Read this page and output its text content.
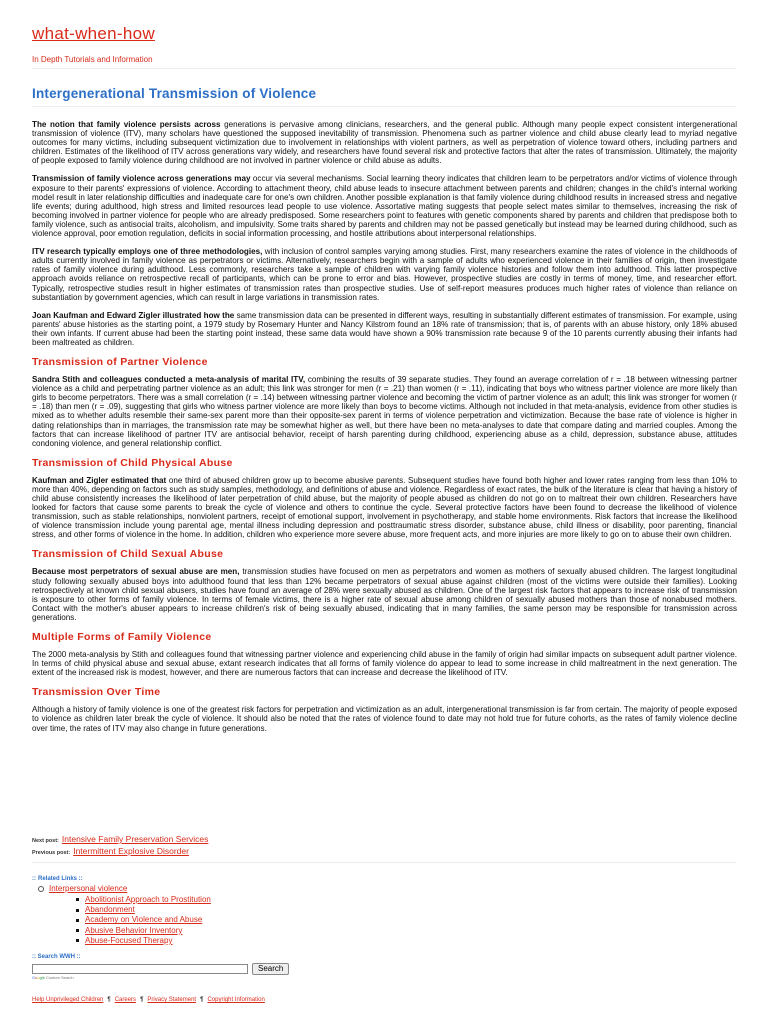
what-when-how
In Depth Tutorials and Information
Intergenerational Transmission of Violence

The notion that family violence persists across generations is pervasive among clinicians, researchers, and the general public. Although many people expect consistent intergenerational transmission of violence (ITV), many scholars have questioned the supposed inevitability of transmission. Phenomena such as partner violence and child abuse clearly lead to myriad negative outcomes for many victims, including subsequent victimization due to involvement in relationships with violent partners, as well as perpetration of violence toward others, including partners and children. Estimates of the likelihood of ITV across generations vary widely, and researchers have found several risk and protective factors that alter the rates of transmission. Ultimately, the majority of people exposed to family violence during childhood are not involved in partner violence or child abuse as adults.

Transmission of family violence across generations may occur via several mechanisms. Social learning theory indicates that children learn to be perpetrators and/or victims of violence through exposure to their parents' expressions of violence. According to attachment theory, child abuse leads to insecure attachment between parents and children; changes in the child's internal working model result in later relationship difficulties and inadequate care for one's own children. Another possible explanation is that family violence during childhood results in increased stress and negative life events; during adulthood, high stress and limited resources lead people to use violence. Assortative mating suggests that people select mates similar to themselves, increasing the risk of becoming involved in partner violence for people who are already predisposed. Some researchers point to features with genetic components shared by parents and children that predispose both to family violence, such as antisocial traits, alcoholism, and impulsivity. Some traits shared by parents and children may not be passed genetically but instead may be learned during childhood, such as violence approval, poor emotion regulation, deficits in social information processing, and hostile attributions about interpersonal relationships.

ITV research typically employs one of three methodologies, with inclusion of control samples varying among studies. First, many researchers examine the rates of violence in the childhoods of adults currently involved in family violence as perpetrators or victims. Alternatively, researchers begin with a sample of adults who experienced violence in their families of origin, then investigate rates of family violence during adulthood. Less commonly, researchers take a sample of children with varying family violence histories and follow them into adulthood. This latter prospective approach avoids reliance on retrospective recall of participants, which can be prone to error and bias. However, prospective studies are costly in terms of money, time, and researcher effort. Typically, retrospective studies result in higher estimates of transmission rates than prospective studies. Use of self-report measures produces much higher rates of violence than reliance on substantiation by government agencies, which can result in large variations in transmission rates.

Joan Kaufman and Edward Zigler illustrated how the same transmission data can be presented in different ways, resulting in substantially different estimates of transmission. For example, using parents' abuse histories as the starting point, a 1979 study by Rosemary Hunter and Nancy Kilstrom found an 18% rate of transmission; that is, of parents with an abuse history, only 18% abused their own infants. If current abuse had been the starting point instead, these same data would have shown a 90% transmission rate because 9 of the 10 parents currently abusing their infants had been maltreated as children.

Transmission of Partner Violence

Sandra Stith and colleagues conducted a meta-analysis of marital ITV, combining the results of 39 separate studies. They found an average correlation of r = .18 between witnessing partner violence as a child and perpetrating partner violence as an adult; this link was stronger for men (r = .21) than women (r = .11), indicating that boys who witness partner violence are more likely than girls to become perpetrators. There was a small correlation (r = .14) between witnessing partner violence and becoming the victim of partner violence as an adult; this link was stronger for women (r = .18) than men (r = .09), suggesting that girls who witness partner violence are more likely than boys to become victims. Although not included in that meta-analysis, evidence from other studies is mixed as to whether adults resemble their same-sex parent more than their opposite-sex parent in terms of violence perpetration and victimization. Because the base rate of violence is higher in dating relationships than in marriages, the transmission rate may be somewhat higher as well, but there have been no meta-analyses to date that compare dating and married couples. Among the factors that can increase likelihood of partner ITV are antisocial behavior, receipt of harsh parenting during childhood, experiencing abuse as a child, depression, substance abuse, attitudes condoning violence, and general relationship conflict.

Transmission of Child Physical Abuse

Kaufman and Zigler estimated that one third of abused children grow up to become abusive parents. Subsequent studies have found both higher and lower rates ranging from less than 10% to more than 40%, depending on factors such as study samples, methodology, and definitions of abuse and violence. Regardless of exact rates, the bulk of the literature is clear that having a history of child abuse consistently increases the likelihood of later perpetration of child abuse, but the majority of people abused as children do not go on to maltreat their own children. Researchers have looked for factors that cause some parents to break the cycle of violence and others to continue the cycle. Several protective factors have been found to decrease the likelihood of violence transmission, such as stable relationships, nonviolent partners, receipt of emotional support, involvement in psychotherapy, and stable home environments. Risk factors that increase the likelihood of violence transmission include young parental age, mental illness including depression and posttraumatic stress disorder, substance abuse, child illness or disability, poor parenting, financial stress, and other forms of violence in the home. In addition, children who experience more severe abuse, more frequent acts, and more injuries are more likely to go on to abuse their own children.

Transmission of Child Sexual Abuse

Because most perpetrators of sexual abuse are men, transmission studies have focused on men as perpetrators and women as mothers of sexually abused children. The largest longitudinal study following sexually abused boys into adulthood found that less than 12% became perpetrators of sexual abuse against children (most of the victims were outside their families). Looking retrospectively at known child sexual abusers, studies have found an average of 28% were sexually abused as children. One of the largest risk factors that appears to increase risk of transmission is exposure to other forms of family violence. In terms of female victims, there is a higher rate of sexual abuse among children of sexually abused mothers than those of nonabused mothers. Contact with the mother's abuser appears to increase children's risk of being sexually abused, indicating that in many families, the same person may be responsible for transmission across generations.

Multiple Forms of Family Violence

The 2000 meta-analysis by Stith and colleagues found that witnessing partner violence and experiencing child abuse in the family of origin had similar impacts on subsequent adult partner violence. In terms of child physical abuse and sexual abuse, extant research indicates that all forms of family violence do appear to lead to some increase in child maltreatment in the next generation. The extent of the increased risk is modest, however, and there are numerous factors that can increase and decrease the likelihood of ITV.

Transmission Over Time

Although a history of family violence is one of the greatest risk factors for perpetration and victimization as an adult, intergenerational transmission is far from certain. The majority of people exposed to violence as children later break the cycle of violence. It should also be noted that the rates of violence found to date may not hold true for future cohorts, as the rates of family violence decline over time, the rates of ITV may also change in future generations.

Next post: Intensive Family Preservation Services
Previous post: Intermittent Explosive Disorder
:: Related Links ::
Interpersonal violence
Abolitionist Approach to Prostitution
Abandonment
Academy on Violence and Abuse
Abusive Behavior Inventory
Abuse-Focused Therapy
:: Search WWH ::
Search
Google Custom Search
Help Unprivileged Children ¶ Careers ¶ Privacy Statement ¶ Copyright Information
